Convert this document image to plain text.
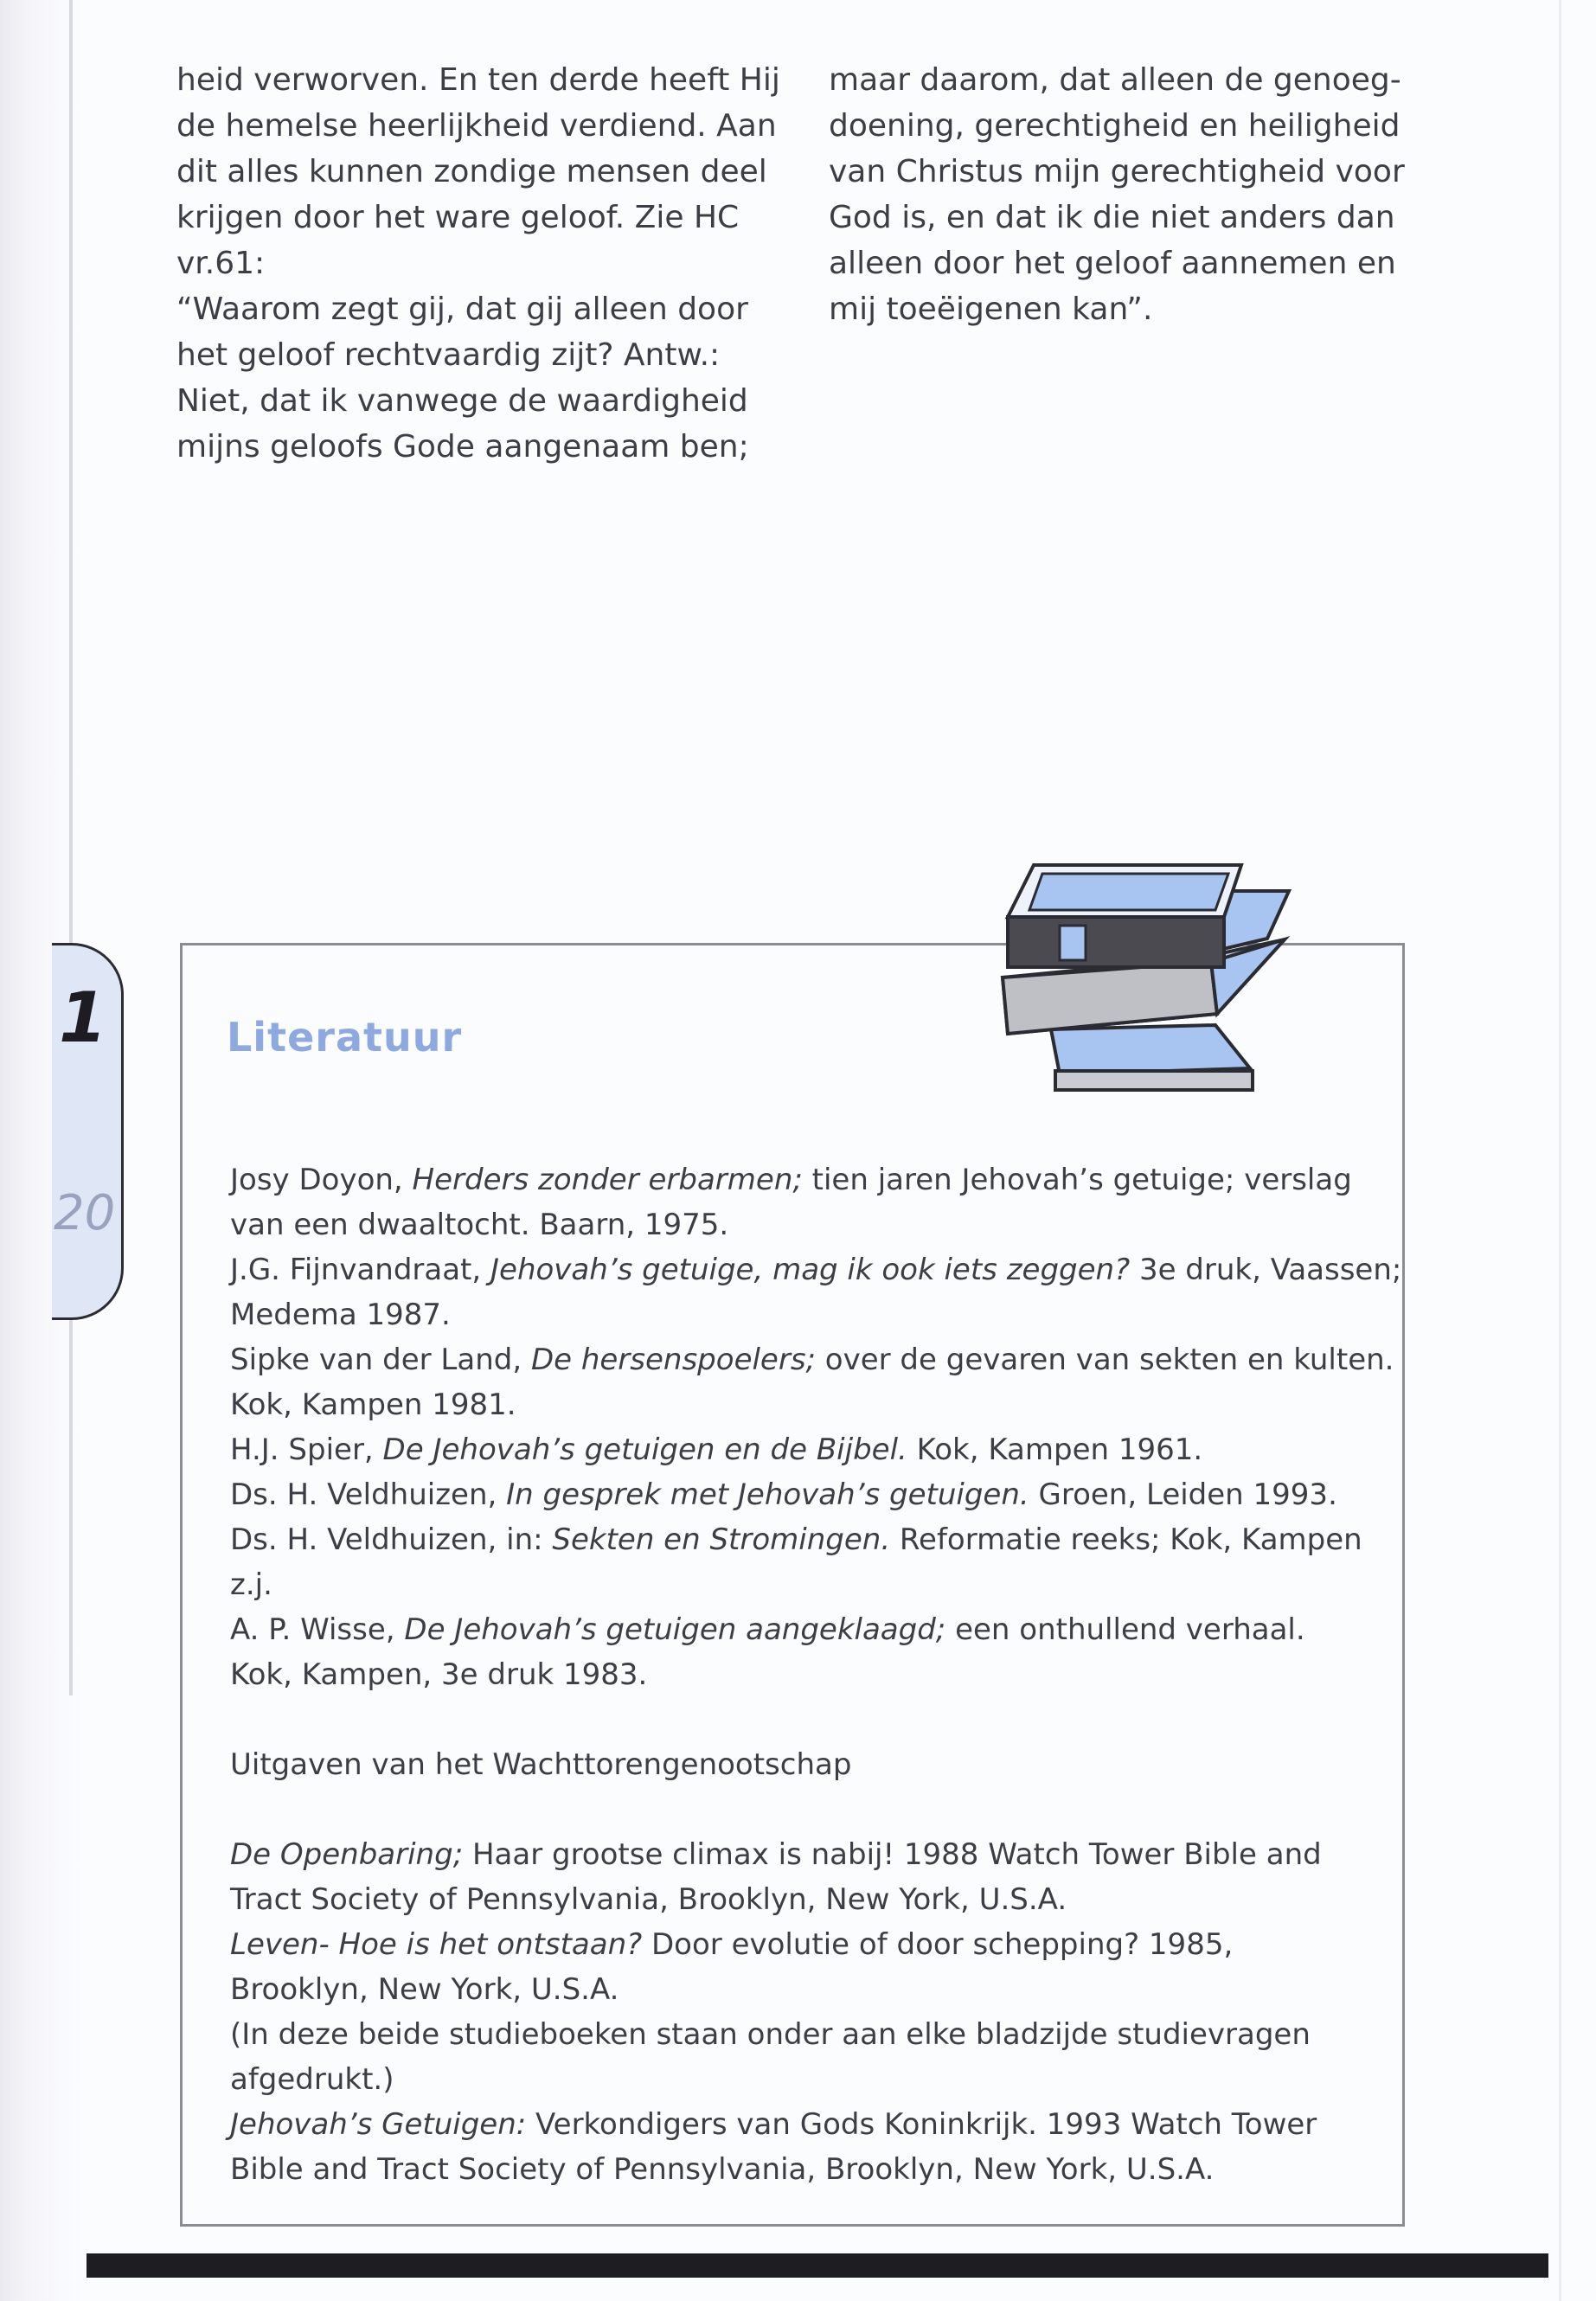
1
20
heid verworven. En ten derde heeft Hij
de hemelse heerlijkheid verdiend. Aan
dit alles kunnen zondige mensen deel
krijgen door het ware geloof. Zie HC
vr.61:
“Waarom zegt gij, dat gij alleen door
het geloof rechtvaardig zijt? Antw.:
Niet, dat ik vanwege de waardigheid
mijns geloofs Gode aangenaam ben;
maar daarom, dat alleen de genoeg-
doening, gerechtigheid en heiligheid
van Christus mijn gerechtigheid voor
God is, en dat ik die niet anders dan
alleen door het geloof aannemen en
mij toeëigenen kan”.
Literatuur
Josy Doyon, Herders zonder erbarmen; tien jaren Jehovah’s getuige; verslag
van een dwaaltocht. Baarn, 1975.
J.G. Fijnvandraat, Jehovah’s getuige, mag ik ook iets zeggen? 3e druk, Vaassen;
Medema 1987.
Sipke van der Land, De hersenspoelers; over de gevaren van sekten en kulten.
Kok, Kampen 1981.
H.J. Spier, De Jehovah’s getuigen en de Bijbel. Kok, Kampen 1961.
Ds. H. Veldhuizen, In gesprek met Jehovah’s getuigen. Groen, Leiden 1993.
Ds. H. Veldhuizen, in: Sekten en Stromingen. Reformatie reeks; Kok, Kampen
z.j.
A. P. Wisse, De Jehovah’s getuigen aangeklaagd; een onthullend verhaal.
Kok, Kampen, 3e druk 1983.
Uitgaven van het Wachttorengenootschap
De Openbaring; Haar grootse climax is nabij! 1988 Watch Tower Bible and
Tract Society of Pennsylvania, Brooklyn, New York, U.S.A.
Leven- Hoe is het ontstaan? Door evolutie of door schepping? 1985,
Brooklyn, New York, U.S.A.
(In deze beide studieboeken staan onder aan elke bladzijde studievragen
afgedrukt.)
Jehovah’s Getuigen: Verkondigers van Gods Koninkrijk. 1993 Watch Tower
Bible and Tract Society of Pennsylvania, Brooklyn, New York, U.S.A.
